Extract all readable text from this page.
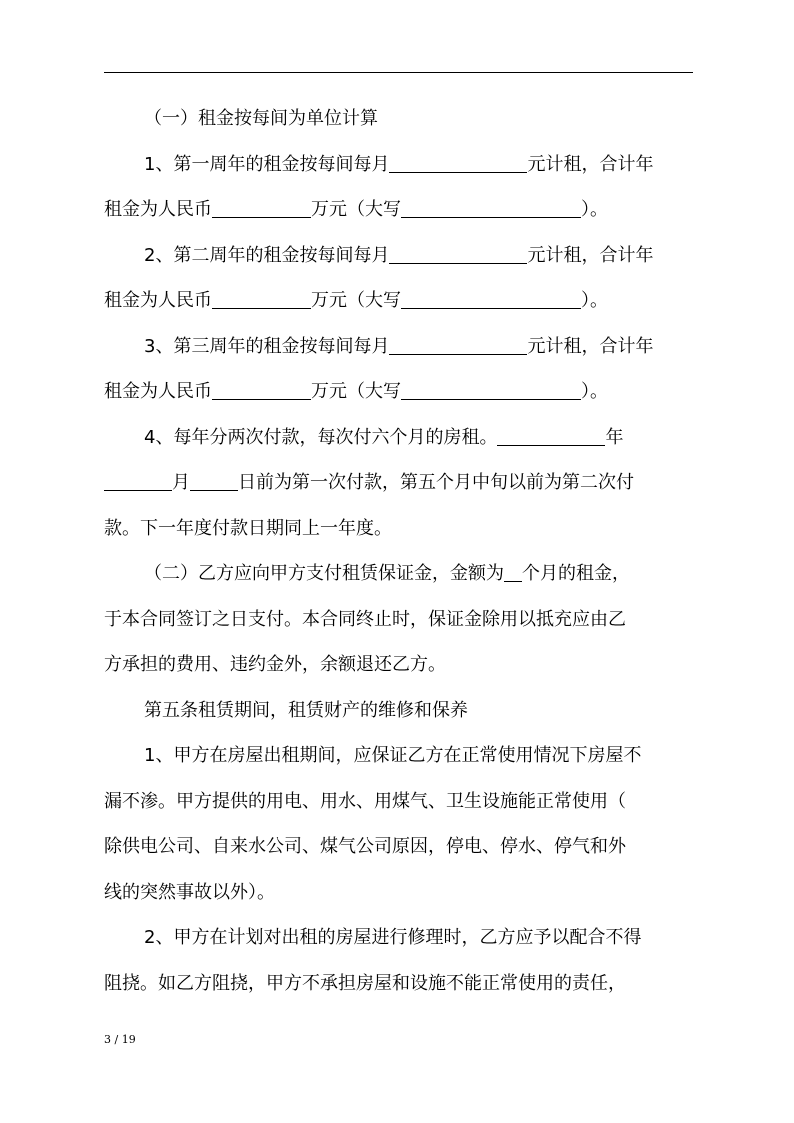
（一）租金按每间为单位计算

1、第一周年的租金按每间每月	元计租，合计年

租金为人民币	万元（大写	）。

2、第二周年的租金按每间每月	元计租，合计年

租金为人民币	万元（大写	）。

3、第三周年的租金按每间每月	元计租，合计年

租金为人民币	万元（大写	）。

4、每年分两次付款，每次付六个月的房租。	年

月	日前为第一次付款，第五个月中旬以前为第二次付

款。下一年度付款日期同上一年度。

（二）乙方应向甲方支付租赁保证金，金额为 个月的租金，

于本合同签订之日支付。本合同终止时，保证金除用以抵充应由乙

方承担的费用、违约金外，余额退还乙方。

第五条租赁期间，租赁财产的维修和保养

1、甲方在房屋出租期间，应保证乙方在正常使用情况下房屋不

漏不渗。甲方提供的用电、用水、用煤气、卫生设施能正常使用（

除供电公司、自来水公司、煤气公司原因，停电、停水、停气和外

线的突然事故以外）。

2、甲方在计划对出租的房屋进行修理时，乙方应予以配合不得

阻挠。如乙方阻挠，甲方不承担房屋和设施不能正常使用的责任，

3 / 19
